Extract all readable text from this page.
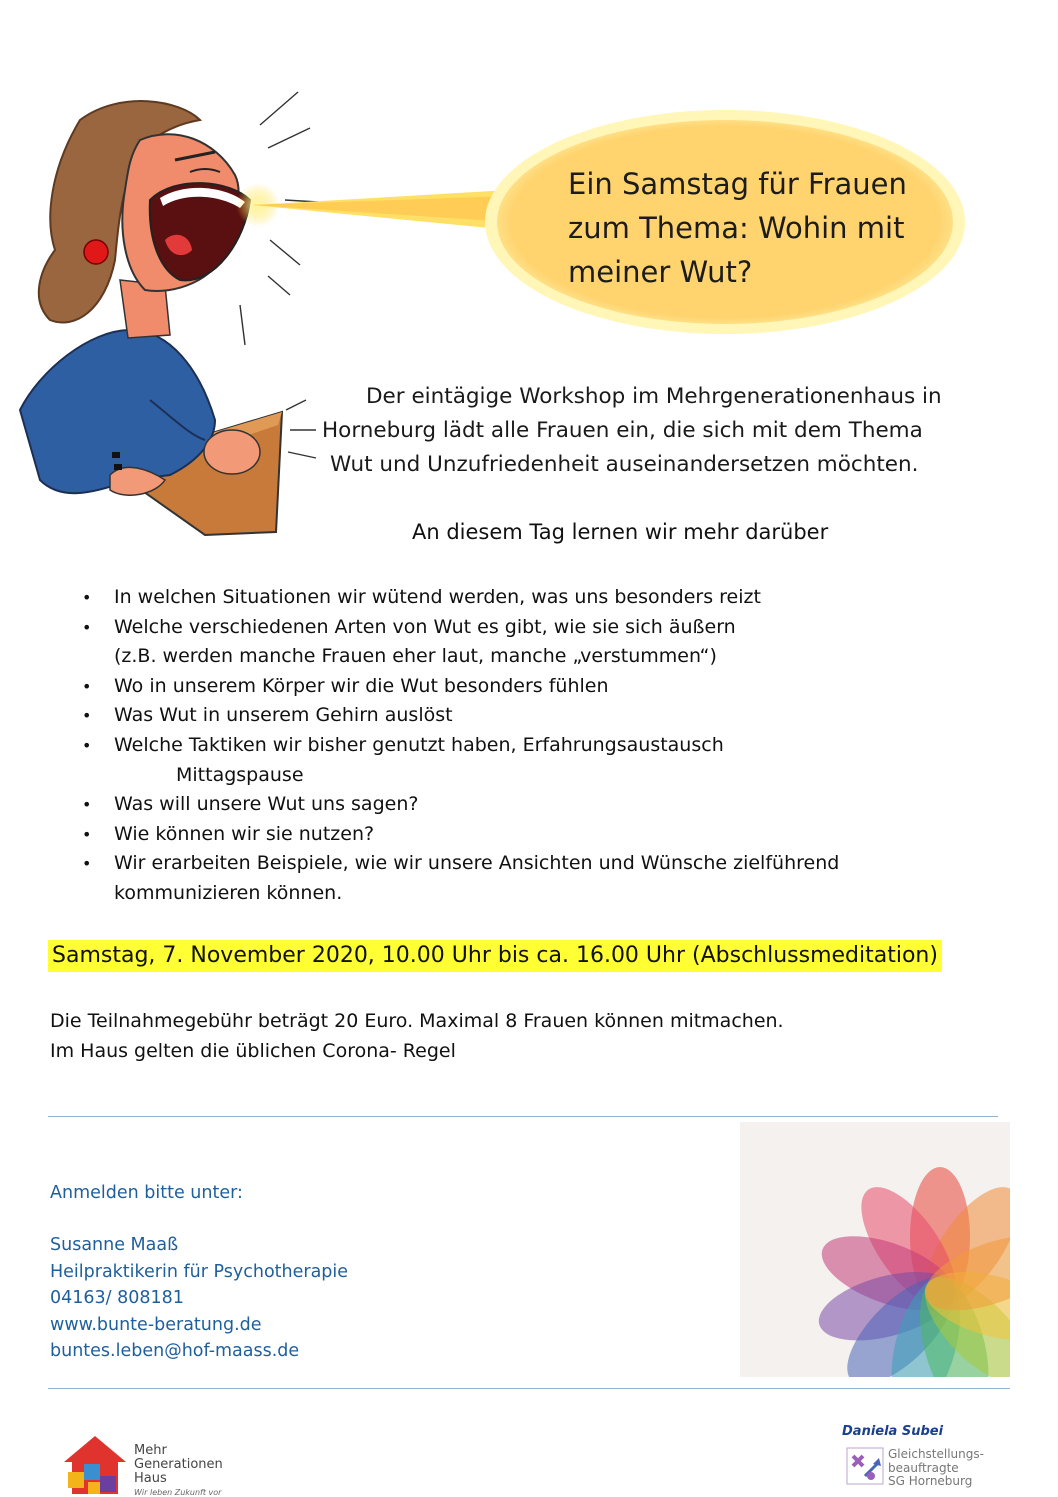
Ein Samstag für Frauen
zum Thema: Wohin mit
meiner Wut?
Der eintägige Workshop im Mehrgenerationenhaus in
Horneburg lädt alle Frauen ein, die sich mit dem Thema
Wut und Unzufriedenheit auseinandersetzen möchten.
An diesem Tag lernen wir mehr darüber
• In welchen Situationen wir wütend werden, was uns besonders reizt
• Welche verschiedenen Arten von Wut es gibt, wie sie sich äußern
(z.B. werden manche Frauen eher laut, manche „verstummen“)
• Wo in unserem Körper wir die Wut besonders fühlen
• Was Wut in unserem Gehirn auslöst
• Welche Taktiken wir bisher genutzt haben, Erfahrungsaustausch
Mittagspause
• Was will unsere Wut uns sagen?
• Wie können wir sie nutzen?
• Wir erarbeiten Beispiele, wie wir unsere Ansichten und Wünsche zielführend
kommunizieren können.
Samstag, 7. November 2020, 10.00 Uhr bis ca. 16.00 Uhr (Abschlussmeditation)
Die Teilnahmegebühr beträgt 20 Euro. Maximal 8 Frauen können mitmachen.
Im Haus gelten die üblichen Corona- Regel
Anmelden bitte unter:
Susanne Maaß
Heilpraktikerin für Psychotherapie
04163/ 808181
www.bunte-beratung.de
buntes.leben@hof-maass.de
Mehr
Generationen
Haus
Wir leben Zukunft vor
Daniela Subei
Gleichstellungs-
beauftragte
SG Horneburg
